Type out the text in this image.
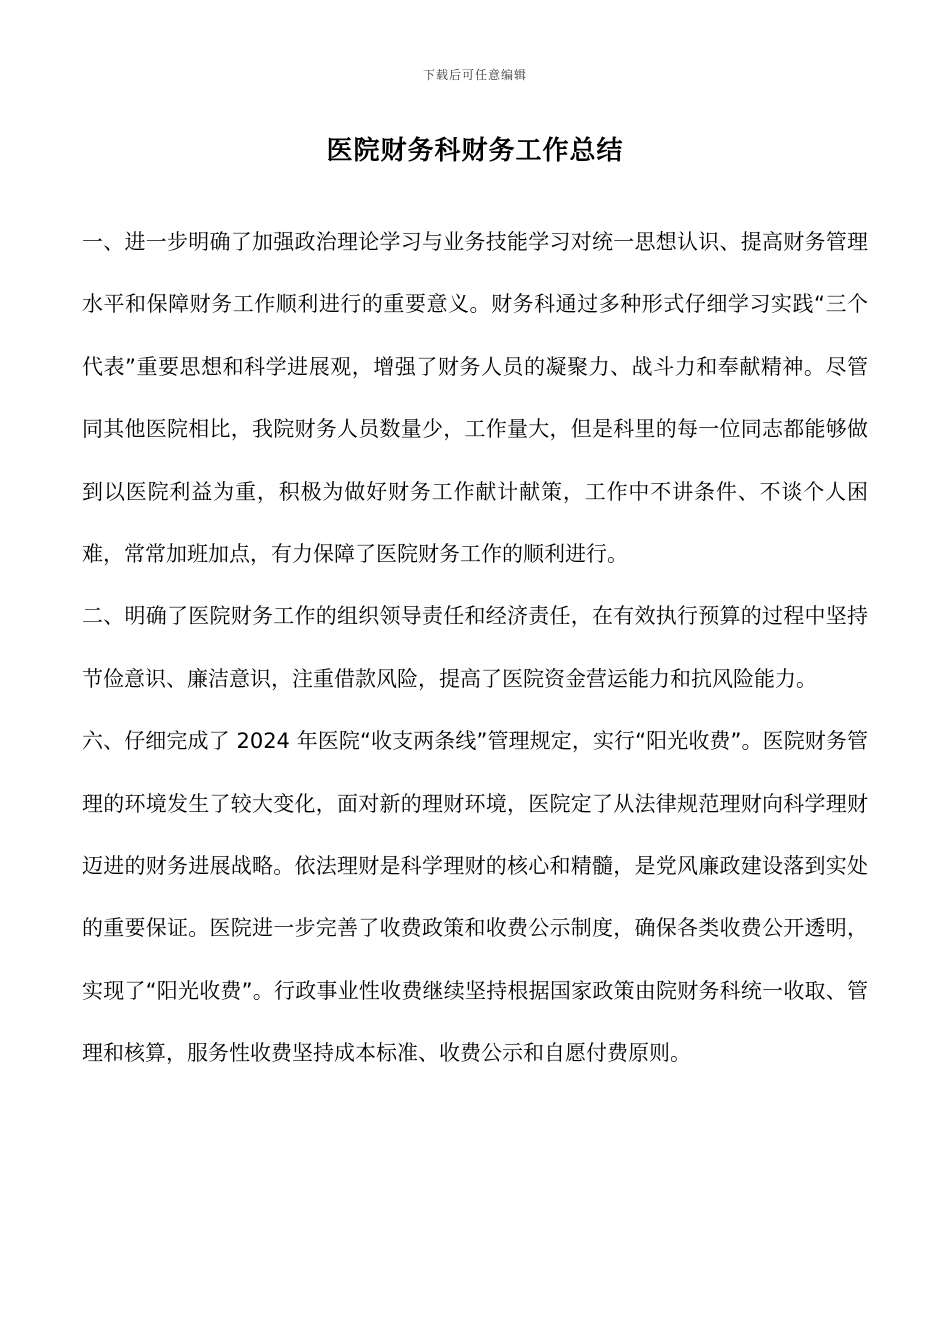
下载后可任意编辑
医院财务科财务工作总结

一、进一步明确了加强政治理论学习与业务技能学习对统一思想认识、提高财务管理水平和保障财务工作顺利进行的重要意义。财务科通过多种形式仔细学习实践“三个代表”重要思想和科学进展观，增强了财务人员的凝聚力、战斗力和奉献精神。尽管同其他医院相比，我院财务人员数量少，工作量大，但是科里的每一位同志都能够做到以医院利益为重，积极为做好财务工作献计献策，工作中不讲条件、不谈个人困难，常常加班加点，有力保障了医院财务工作的顺利进行。

二、明确了医院财务工作的组织领导责任和经济责任，在有效执行预算的过程中坚持节俭意识、廉洁意识，注重借款风险，提高了医院资金营运能力和抗风险能力。

六、仔细完成了 2024 年医院“收支两条线”管理规定，实行“阳光收费”。医院财务管理的环境发生了较大变化，面对新的理财环境，医院定了从法律规范理财向科学理财迈进的财务进展战略。依法理财是科学理财的核心和精髓，是党风廉政建设落到实处的重要保证。医院进一步完善了收费政策和收费公示制度，确保各类收费公开透明，实现了“阳光收费”。行政事业性收费继续坚持根据国家政策由院财务科统一收取、管理和核算，服务性收费坚持成本标准、收费公示和自愿付费原则。
